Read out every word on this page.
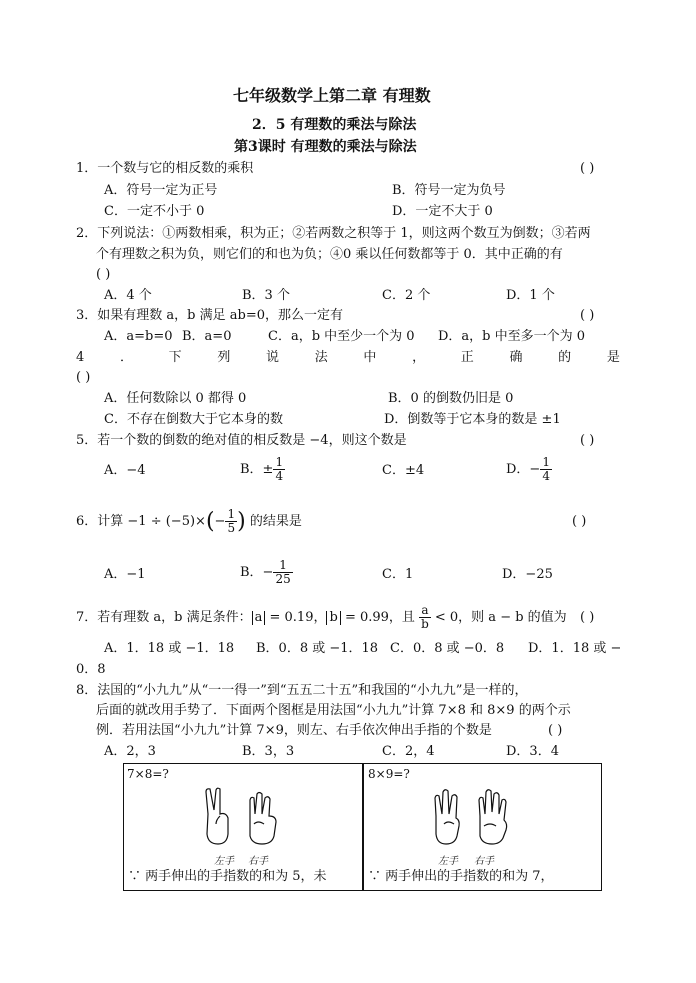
七年级数学上第二章 有理数
2．5 有理数的乘法与除法
第3课时 有理数的乘法与除法
1．一个数与它的相反数的乘积	( )
A．符号一定为正号	B．符号一定为负号
C．一定不小于 0	D．一定不大于 0
2．下列说法：①两数相乘，积为正；②若两数之积等于 1，则这两个数互为倒数；③若两
个有理数之积为负，则它们的和也为负；④0 乘以任何数都等于 0．其中正确的有
( )
A．4 个	B．3 个	C．2 个	D．1 个
3．如果有理数 a，b 满足 ab=0，那么一定有	( )
A．a=b=0 B．a=0	C．a，b 中至少一个为 0 D．a，b 中至多一个为 0
4	．	下	列	说	法	中	，	正	确	的	是
( )
A．任何数除以 0 都得 0	B．0 的倒数仍旧是 0
C．不存在倒数大于它本身的数	D．倒数等于它本身的数是 ±1
5．若一个数的倒数的绝对值的相反数是 −4，则这个数是	( )
A．−4	B．± $\frac{1}{4}$	C．±4	D．− $\frac{1}{4}$
6．计算 $-1 \div (-5)\times(- \frac{1}{5}$ ) 的结果是	( )
A．−1	B．− $\frac{1}{25}$	C．1	D．−25
7．若有理数 a，b 满足条件： a = 0.19， b = 0.99，且 $\frac{a}{b} < 0$，则 a − b 的值为 ( )
A．1．18 或 −1．18 B．0．8 或 −1．18 C．0．8 或 −0．8 D．1．18 或 −
0．8
8．法国的“小九九”从“一一得一”到“五五二十五”和我国的“小九九”是一样的，
后面的就改用手势了．下面两个图框是用法国“小九九”计算 7×8 和 8×9 的两个示
例．若用法国“小九九”计算 7×9，则左、右手依次伸出手指的个数是	( )
A．2，3	B．3，3	C．2，4	D．3．4
7×8=?	8×9=?
左手 右手	左手 右手
∵ 两手伸出的手指数的和为 5，未	∵ 两手伸出的手指数的和为 7，
